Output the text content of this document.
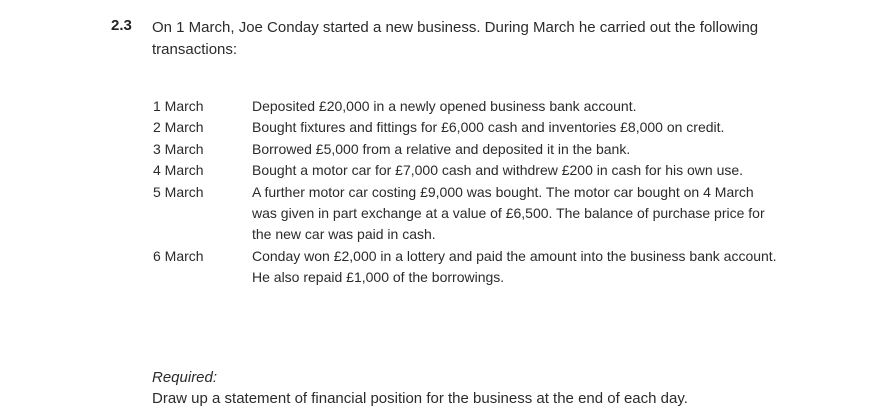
2.3 On 1 March, Joe Conday started a new business. During March he carried out the following transactions:
1 March	Deposited £20,000 in a newly opened business bank account.
2 March	Bought fixtures and fittings for £6,000 cash and inventories £8,000 on credit.
3 March	Borrowed £5,000 from a relative and deposited it in the bank.
4 March	Bought a motor car for £7,000 cash and withdrew £200 in cash for his own use.
5 March	A further motor car costing £9,000 was bought. The motor car bought on 4 March was given in part exchange at a value of £6,500. The balance of purchase price for the new car was paid in cash.
6 March	Conday won £2,000 in a lottery and paid the amount into the business bank account. He also repaid £1,000 of the borrowings.
Required:
Draw up a statement of financial position for the business at the end of each day.
